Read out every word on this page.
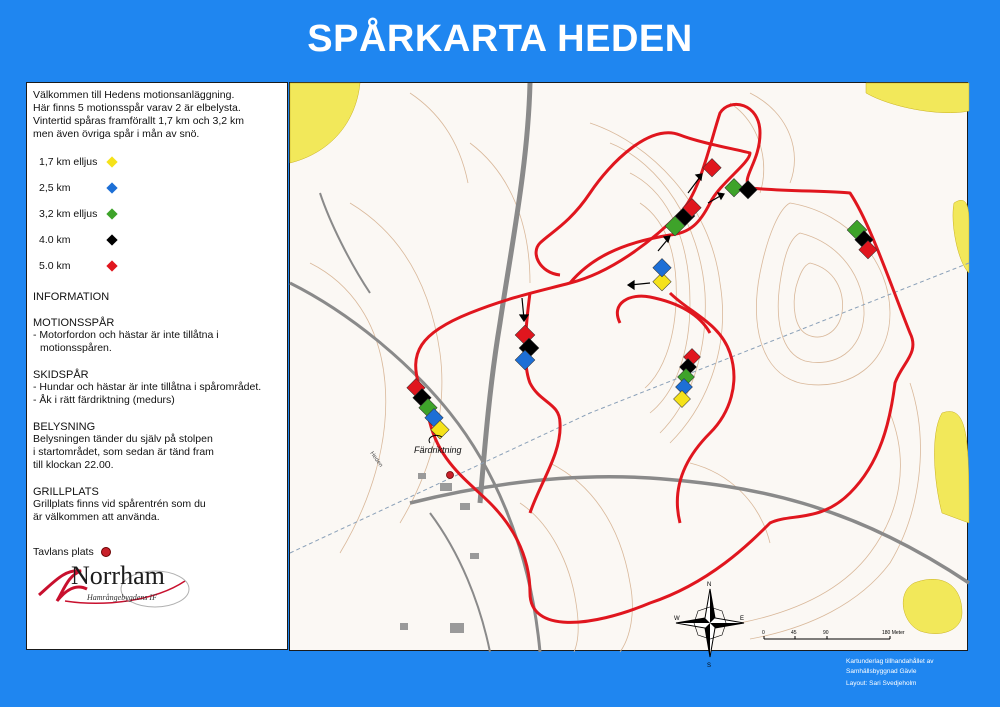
SPÅRKARTA HEDEN
Välkommen till Hedens motionsanläggning.
Här finns 5 motionsspår varav 2 är elbelysta.
Vintertid spåras framförallt 1,7 km och 3,2 km
men även övriga spår i mån av snö.
1,7 km elljus
2,5 km
3,2 km elljus
4.0 km
5.0 km
INFORMATION
MOTIONSSPÅR
- Motorfordon och hästar är inte tillåtna i
motionsspåren.
SKIDSPÅR
- Hundar och hästar är inte tillåtna i spårområdet.
- Åk i rätt färdriktning (medurs)
BELYSNING
Belysningen tänder du själv på stolpen
i startområdet, som sedan är tänd fram
till klockan 22.00.
GRILLPLATS
Grillplats finns vid spårentrén som du
är välkommen att använda.
Tavlans plats
Norrham
Hamrångebygdens IF
Färdriktning
Heden
N
S
E
W
0	45	90	180 Meter
Kartunderlag tillhandahållet av
Samhällsbyggnad Gävle
Layout: Sari Svedjeholm
